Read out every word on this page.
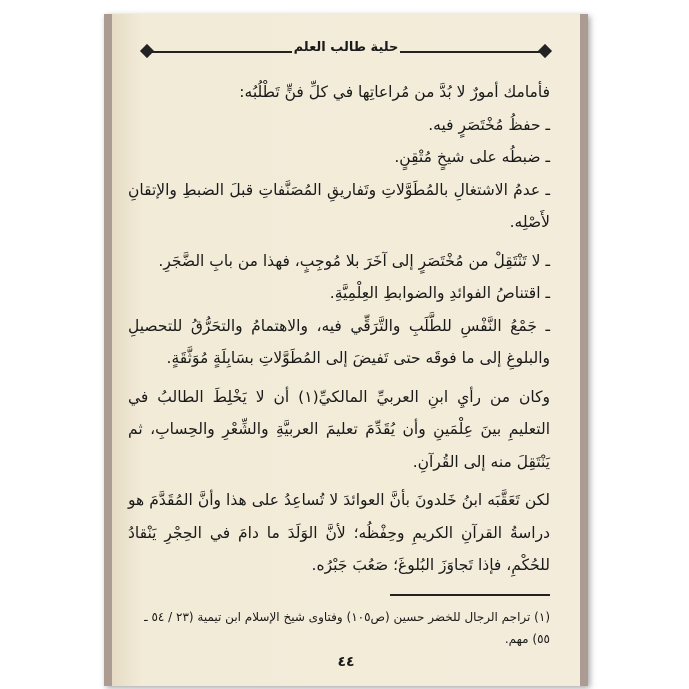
حلية طالب العلم

فأمامك أمورٌ لا بُدَّ من مُراعاتِها في كلِّ فنٍّ تَطْلُبُه:

ـ حفظُ مُخْتَصَرٍ فيه.

ـ ضبطُه على شيخٍ مُتْقِنٍ.

ـ عدمُ الاشتغالِ بالمُطَوَّلاتِ وتَفاريقِ المُصَنَّفاتِ قبلَ الضبطِ والإتقانِ لأَصْلِه.

ـ لا تَنْتَقِلْ من مُخْتَصَرٍ إلى آخَرَ بلا مُوجِبٍ، فهذا من بابِ الضَّجَرِ.

ـ اقتناصُ الفوائدِ والضوابطِ العِلْمِيَّةِ.

ـ جَمْعُ النَّفْسِ للطَّلَبِ والتَّرَقِّي فيه، والاهتمامُ والتحَرُّقُ للتحصيلِ والبلوغِ إلى ما فوقَه حتى تَفيضَ إلى المُطَوَّلاتِ بسَابِلَةٍ مُوَثَّقَةٍ.

وكان من رأيِ ابنِ العربيِّ المالكيِّ(١) أن لا يَخْلِطَ الطالبُ في التعليمِ بينَ عِلْمَينِ وأن يُقَدِّمَ تعليمَ العربيَّةِ والشِّعْرِ والحِسابِ، ثم يَنْتَقِلَ منه إلى القُرآنِ.

لكن تَعَقَّبَه ابنُ خَلدونَ بأنَّ العوائدَ لا تُساعِدُ على هذا وأنَّ المُقَدَّمَ هو دراسةُ القرآنِ الكريمِ وحِفْظُه؛ لأنَّ الوَلَدَ ما دامَ في الحِجْرِ يَنْقادُ للحُكْمِ، فإذا تَجاوَزَ البُلوغَ؛ صَعُبَ جَبْرُه.

(١) تراجم الرجال للخضر حسين (ص١٠٥) وفتاوى شيخ الإسلام ابن تيمية (٢٣ / ٥٤ ـ ٥٥) مهم.
٤٤
